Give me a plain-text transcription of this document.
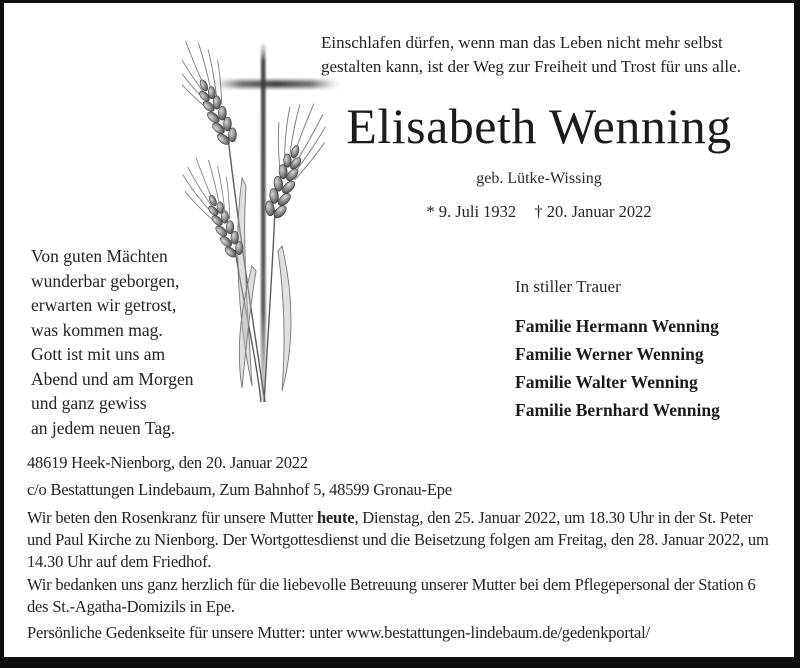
Einschlafen dürfen, wenn man das Leben nicht mehr selbst
gestalten kann, ist der Weg zur Freiheit und Trost für uns alle.
Elisabeth Wenning
geb. Lütke-Wissing
* 9. Juli 1932 † 20. Januar 2022
Von guten Mächten
wunderbar geborgen,
erwarten wir getrost,
was kommen mag.
Gott ist mit uns am
Abend und am Morgen
und ganz gewiss
an jedem neuen Tag.
In stiller Trauer
Familie Hermann Wenning
Familie Werner Wenning
Familie Walter Wenning
Familie Bernhard Wenning
48619 Heek-Nienborg, den 20. Januar 2022
c/o Bestattungen Lindebaum, Zum Bahnhof 5, 48599 Gronau-Epe
Wir beten den Rosenkranz für unsere Mutter heute, Dienstag, den 25. Januar 2022, um 18.30 Uhr in der St. Peter und Paul Kirche zu Nienborg. Der Wortgottesdienst und die Beisetzung folgen am Freitag, den 28. Januar 2022, um 14.30 Uhr auf dem Friedhof.
Wir bedanken uns ganz herzlich für die liebevolle Betreuung unserer Mutter bei dem Pflegepersonal der Station 6 des St.-Agatha-Domizils in Epe.
Persönliche Gedenkseite für unsere Mutter: unter www.bestattungen-lindebaum.de/gedenkportal/
